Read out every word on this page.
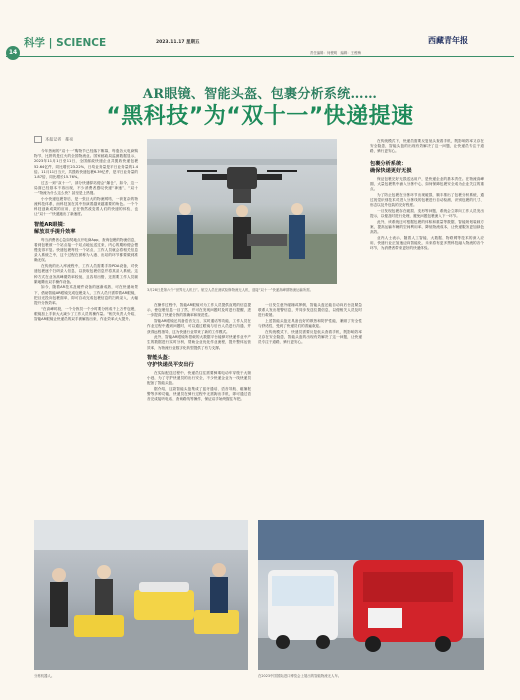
14
科学 | SCIENCE	2023.11.17 星期五	西藏青年报
责任编辑：何俊明　编辑：王俊梅　　　　　　　　
AR眼镜、智能头盔、包裹分析系统……
“黑科技”为“双十一”快递提速
本报记者　都亮

今年热闹的“双十一”购物节已经落下帷幕，每逢各大电商购物节，比拼的是红火的全国物流业。国家邮政局监测数据显示，2023年11月1日至11日，全国邮政快递企业共揽收快递包裹52.64亿件，同比增长23.22%，日均业务量是平日业务量的1.4倍。11月11日当天，共揽收快递包裹6.39亿件，是平日业务量的1.87倍，同比增长15.76%。

过去一到“双十一”，部分快递驿站便会“爆仓”，如今，这一局面已经基本不再出现，不少消费者感叹快递“神速”，“双十一”物流为什么这么快？甚至是上热搜。

小小快递包裹背后，是一张巨大的物流网络，一套复杂的物流科技体系，而科技加在其中扮演着越来越重要的角色。一个个科技创新成果的应用，正在悄然改变着人们的快递的体验，也让“双十一”快递跑出了新速度。

智能AR眼镜：
解放双手提升效率

每当消费者心急如焚地点开电商App，查询包裹的物流信息，看到包裹被一个站点接一个站点地运送过来，内心的期盼便会慢慢变得平复。快递包裹每经一个站点，工作人员就会将相关信息录入系统之中，这个过程在被称为入港、出站的环节都要做到准确无误。

在传统的出入库流程中，工作人员需要手持PDA设备，对快递包裹逐个扫码录入信息，以获取包裹信息并将其录入系统。这种方式在业务高峰期效率较低，且容易出错，还需要工作人员频繁地腾出双手操作设备。

如今，随着AR技术及硬件设备的逐渐成熟，可在快递场景下，借助智能AR眼镜完成包裹录入，工作人员只需带着AR眼镜，把目光投向包裹面单，即可自动完成包裹信息的扫码录入，大幅提升分拣效率。

“在高峰时段，一个分拣员一个小时要分拣成千上万件包裹，眼镜加上手套大大减少了工作人员的操作量。”相关负责人介绍，智能AR眼镜让快递员的双手被解放出来，作业效率大大提升。

3月28日是第六个“世界无人机日”。航空人员在测试检修物流无人机，迎接“双十一”快递高峰期物流运输所需。

在操作过程中，智能AR眼镜可为工作人员提供直观的信息提示，使包裹信息一目了然，并可在发现问题时及时进行提醒，进一步提高了快递分拣的准确率和规范性。

智能AR眼镜还具备语音交互、实时通话等功能，工作人员在作业过程中遇到问题时，可以通过眼镜与后台人员进行沟通，并获得远程指导，这为快递行业带来了新的工作模式。

此外，智能AR眼镜所搭载的大数据平台能够对快递作业中产生的数据进行实时分析，帮助企业优化作业流程，提升整体运营效率，为物流行业数字化转型提供了有力支撑。

智能头盔：
守护快递员平安出行

在实际配送过程中，快递员往往需要骑乘电动车穿梭于大街小巷，为了守护快递员的出行安全，不少快递企业为一线快递员配备了智能头盔。

据介绍，这款智能头盔集成了蓝牙通话、语音导航、碰撞报警等多种功能，快递员在骑行过程中无需掏出手机，即可通过语音完成接听电话、查询路线等操作，保证双手始终握住车把。

一旦发生意外碰撞或摔倒，智能头盔还能自动向后台及紧急联系人发出报警信息，并同步发送位置信息，以便相关人员及时进行救援。

上述智能头盔还具备良好的散热和防护性能，兼顾了安全性与舒适性，受到了快递员们的普遍欢迎。

在传统模式下，快递员需要反复低头查看手机，既影响效率又存在安全隐患，智能头盔的出现有效解决了这一问题，让快递员专注于道路，骑行更安心。

在传统模式下，快递员需要反复低头查看手机，既影响效率又存在安全隐患，智能头盔的出现有效解决了这一问题，让快递员专注于道路，骑行更安心。

包裹分析系统：
确保快递更好无损

保证包裹完好无损送达用户，是快递企业的基本责任。在物流高峰期，大量包裹集中涌入分拣中心，如何保障包裹安全成为企业关注的重点。

为了防止包裹在分拣环节出现破损，顺丰推出了包裹分析系统，通过视觉识别技术对进入分拣线的包裹进行自动检测，识别包裹的尺寸、形态以及外包装的完好程度。

一旦发现包裹存在破损、变形等问题，系统会立即向工作人员发出提示，以便及时进行处理，避免问题包裹流入下一环节。

此外，该系统还可根据包裹的体积和重量等数据，智能规划装载方案，提高运输车辆的空间利用率，降低物流成本，让快递服务更加绿色高效。

业内人士表示，随着人工智能、大数据、物联网等技术的深入应用，快递行业正加速迈向智能化，未来将有更多黑科技融入物流的各个环节，为消费者带来更好的快递体验。

分拣机器人。	在2023中国国际进口博览会上展出的智能物流无人车。
